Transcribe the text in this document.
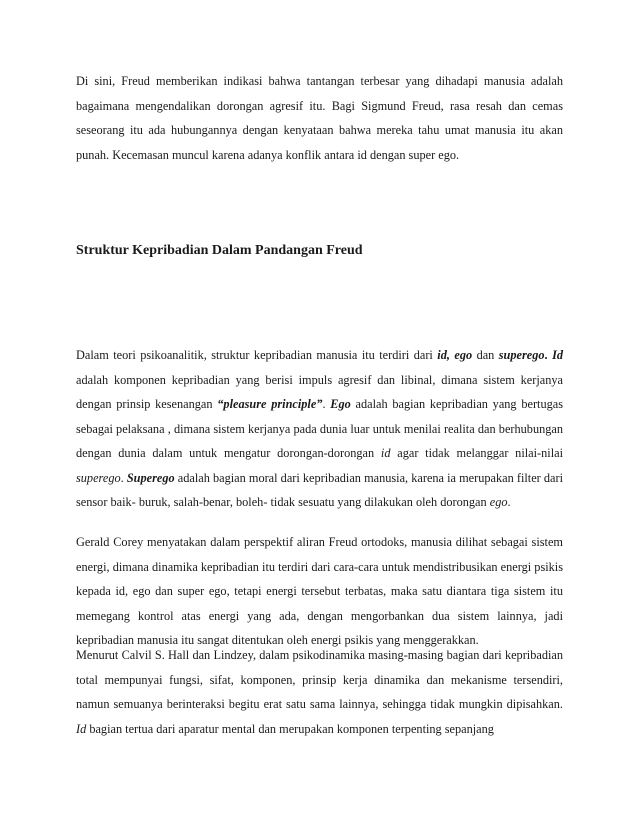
Di sini, Freud memberikan indikasi bahwa tantangan terbesar yang dihadapi manusia adalah bagaimana mengendalikan dorongan agresif itu. Bagi Sigmund Freud, rasa resah dan cemas seseorang itu ada hubungannya dengan kenyataan bahwa mereka tahu umat manusia itu akan punah. Kecemasan muncul karena adanya konflik antara id dengan super ego.

Struktur Kepribadian Dalam Pandangan Freud

Dalam teori psikoanalitik, struktur kepribadian manusia itu terdiri dari id, ego dan superego. Id adalah komponen kepribadian yang berisi impuls agresif dan libinal, dimana sistem kerjanya dengan prinsip kesenangan “pleasure principle”. Ego adalah bagian kepribadian yang bertugas sebagai pelaksana , dimana sistem kerjanya pada dunia luar untuk menilai realita dan berhubungan dengan dunia dalam untuk mengatur dorongan-dorongan id agar tidak melanggar nilai-nilai superego. Superego adalah bagian moral dari kepribadian manusia, karena ia merupakan filter dari sensor baik- buruk, salah-benar, boleh- tidak sesuatu yang dilakukan oleh dorongan ego.

Gerald Corey menyatakan dalam perspektif aliran Freud ortodoks, manusia dilihat sebagai sistem energi, dimana dinamika kepribadian itu terdiri dari cara-cara untuk mendistribusikan energi psikis kepada id, ego dan super ego, tetapi energi tersebut terbatas, maka satu diantara tiga sistem itu memegang kontrol atas energi yang ada, dengan mengorbankan dua sistem lainnya, jadi kepribadian manusia itu sangat ditentukan oleh energi psikis yang menggerakkan.

Menurut Calvil S. Hall dan Lindzey, dalam psikodinamika masing-masing bagian dari kepribadian total mempunyai fungsi, sifat, komponen, prinsip kerja dinamika dan mekanisme tersendiri, namun semuanya berinteraksi begitu erat satu sama lainnya, sehingga tidak mungkin dipisahkan. Id bagian tertua dari aparatur mental dan merupakan komponen terpenting sepanjang
